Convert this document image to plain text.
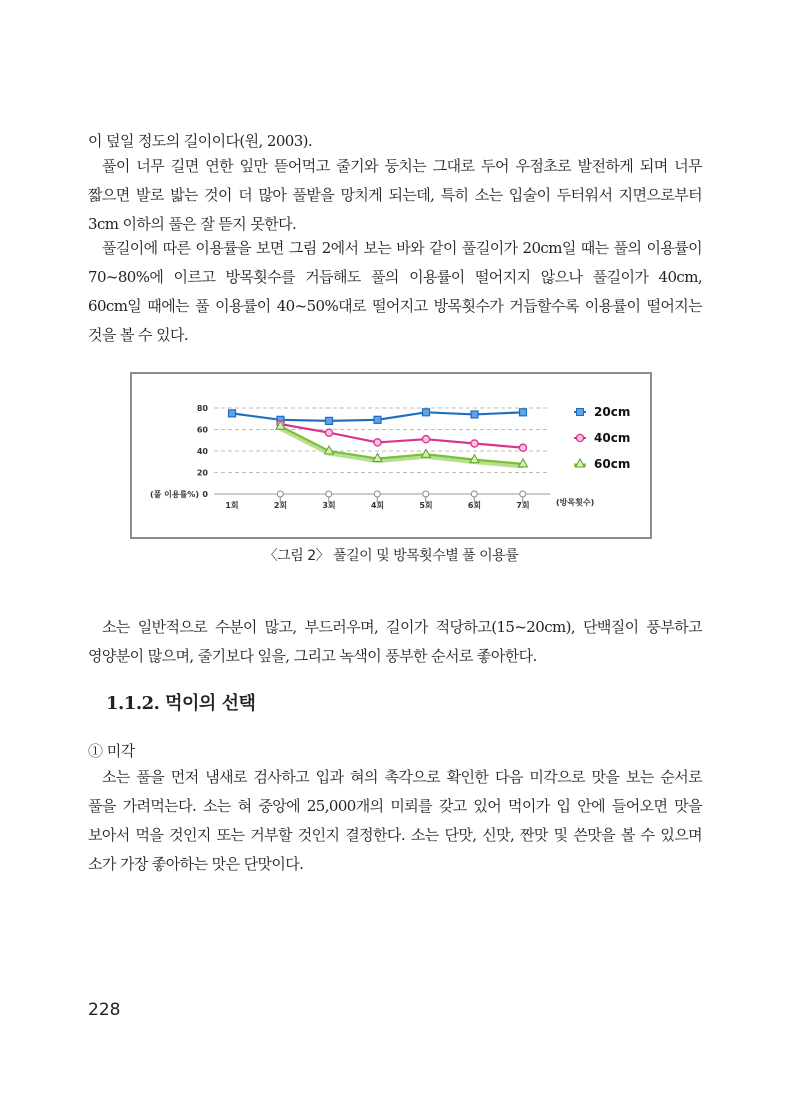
이 덮일 정도의 길이이다(원, 2003).

풀이 너무 길면 연한 잎만 뜯어먹고 줄기와 둥치는 그대로 두어 우점초로 발전하게 되며 너무 짧으면 발로 밟는 것이 더 많아 풀밭을 망치게 되는데, 특히 소는 입술이 두터워서 지면으로부터 3cm 이하의 풀은 잘 뜯지 못한다.

풀길이에 따른 이용률을 보면 그림 2에서 보는 바와 같이 풀길이가 20cm일 때는 풀의 이용률이 70~80%에 이르고 방목횟수를 거듭해도 풀의 이용률이 떨어지지 않으나 풀길이가 40cm, 60cm일 때에는 풀 이용률이 40~50%대로 떨어지고 방목횟수가 거듭할수록 이용률이 떨어지는 것을 볼 수 있다.

80
60
40
20
0
1회	2회	3회	4회	5회	6회	7회
(풀 이용률%)
(방목횟수)
20cm
40cm
60cm

〈그림 2〉 풀길이 및 방목횟수별 풀 이용률

소는 일반적으로 수분이 많고, 부드러우며, 길이가 적당하고(15~20cm), 단백질이 풍부하고 영양분이 많으며, 줄기보다 잎을, 그리고 녹색이 풍부한 순서로 좋아한다.

1.1.2. 먹이의 선택

① 미각

소는 풀을 먼저 냄새로 검사하고 입과 혀의 촉각으로 확인한 다음 미각으로 맛을 보는 순서로 풀을 가려먹는다. 소는 혀 중앙에 25,000개의 미뢰를 갖고 있어 먹이가 입 안에 들어오면 맛을 보아서 먹을 것인지 또는 거부할 것인지 결정한다. 소는 단맛, 신맛, 짠맛 및 쓴맛을 볼 수 있으며 소가 가장 좋아하는 맛은 단맛이다.

228
